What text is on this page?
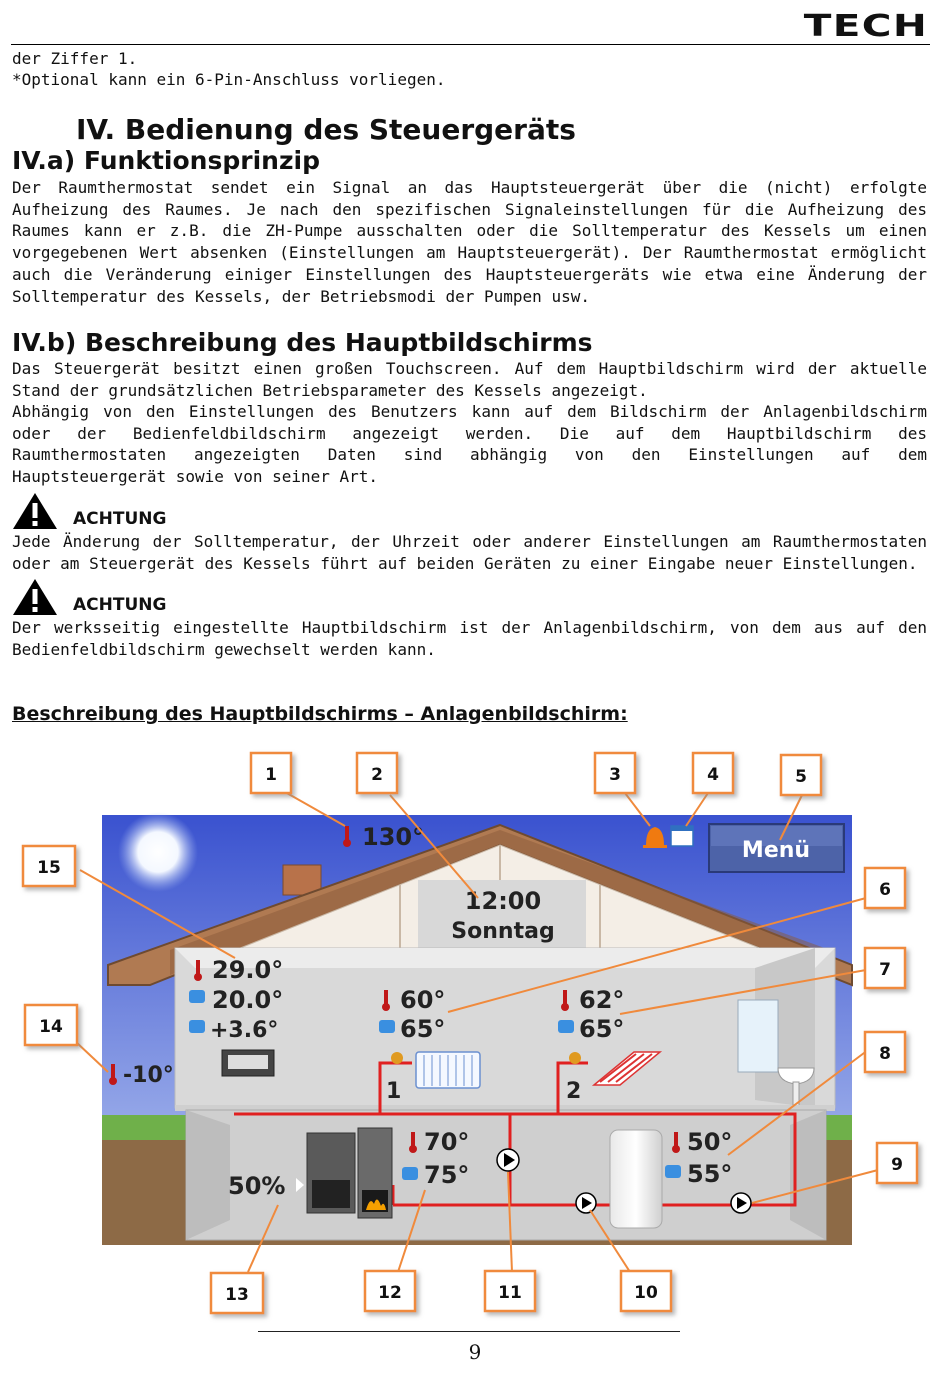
TECH
der Ziffer 1.
*Optional kann ein 6-Pin-Anschluss vorliegen.
IV. Bedienung des Steuergeräts
IV.a) Funktionsprinzip
Der Raumthermostat sendet ein Signal an das Hauptsteuergerät über die (nicht) erfolgte Aufheizung des Raumes. Je nach den spezifischen Signaleinstellungen für die Aufheizung des Raumes kann er z.B. die ZH-Pumpe ausschalten oder die Solltemperatur des Kessels um einen vorgegebenen Wert absenken (Einstellungen am Hauptsteuergerät). Der Raumthermostat ermöglicht auch die Veränderung einiger Einstellungen des Hauptsteuergeräts wie etwa eine Änderung der Solltemperatur des Kessels, der Betriebsmodi der Pumpen usw.
IV.b) Beschreibung des Hauptbildschirms
Das Steuergerät besitzt einen großen Touchscreen. Auf dem Hauptbildschirm wird der aktuelle Stand der grundsätzlichen Betriebsparameter des Kessels angezeigt.
Abhängig von den Einstellungen des Benutzers kann auf dem Bildschirm der Anlagenbildschirm oder der Bedienfeldbildschirm angezeigt werden. Die auf dem Hauptbildschirm des Raumthermostaten angezeigten Daten sind abhängig von den Einstellungen auf dem Hauptsteuergerät sowie von seiner Art.
ACHTUNG
Jede Änderung der Solltemperatur, der Uhrzeit oder anderer Einstellungen am Raumthermostaten oder am Steuergerät des Kessels führt auf beiden Geräten zu einer Eingabe neuer Einstellungen.
ACHTUNG
Der werksseitig eingestellte Hauptbildschirm ist der Anlagenbildschirm, von dem aus auf den Bedienfeldbildschirm gewechselt werden kann.
Beschreibung des Hauptbildschirms – Anlagenbildschirm:
Menü
130°
12:00
Sonntag
29.0°
20.0°
+3.6°
-10°
60°
65°
1
62°
65°
2
70°
75°
50°
55°
50%
1	2	3	4	5
6
7
8
9
10
11
12
13
14
15
9
